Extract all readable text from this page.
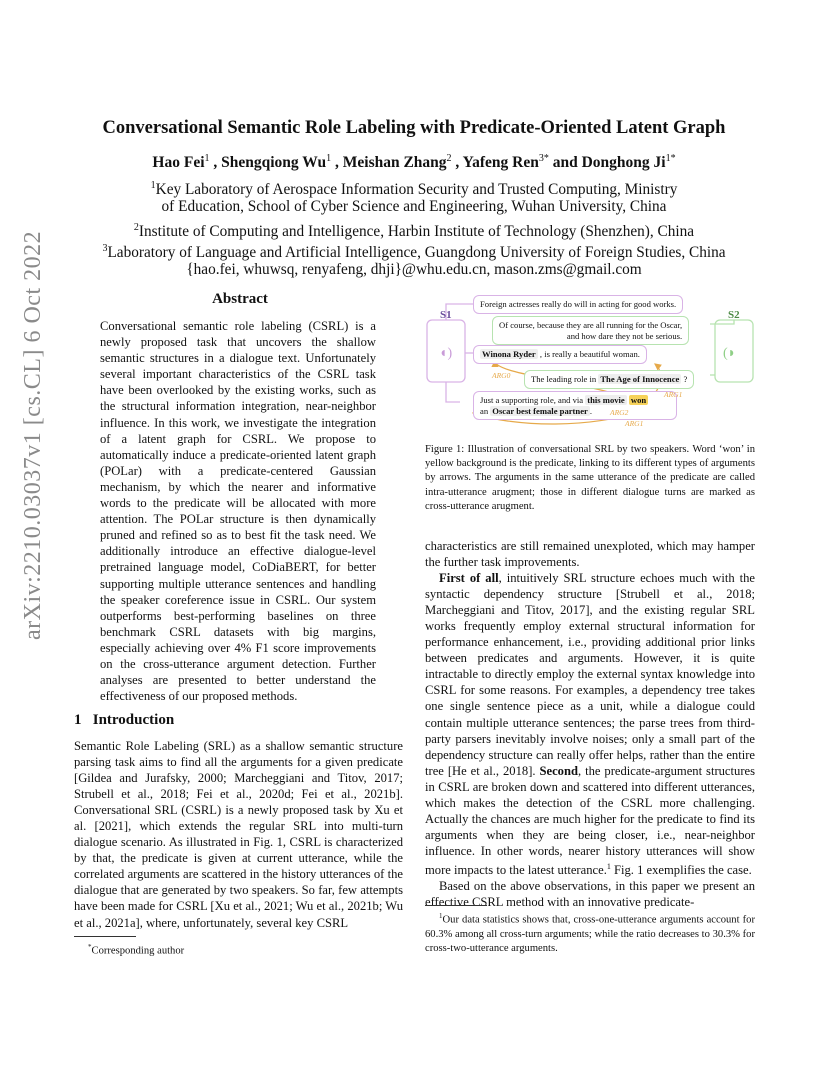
arXiv:2210.03037v1 [cs.CL] 6 Oct 2022
Conversational Semantic Role Labeling with Predicate-Oriented Latent Graph
Hao Fei$^1$ , Shengqiong Wu$^1$ , Meishan Zhang$^2$ , Yafeng Ren$^{3*}$ and Donghong $Ji^{1*}$
$^1$Key Laboratory of Aerospace Information Security and Trusted Computing, Ministry
of Education, School of Cyber Science and Engineering, Wuhan University, China
$^2$Institute of Computing and Intelligence, Harbin Institute of Technology (Shenzhen), China
$^3$Laboratory of Language and Artificial Intelligence, Guangdong University of Foreign Studies, China
{hao.fei, whuwsq, renyafeng, dhji}@whu.edu.cn, mason.zms@gmail.com
Abstract
Conversational semantic role labeling (CSRL) is a newly proposed task that uncovers the shallow semantic structures in a dialogue text. Unfortunately several important characteristics of the CSRL task have been overlooked by the existing works, such as the structural information integration, near-neighbor influence. In this work, we investigate the integration of a latent graph for CSRL. We propose to automatically induce a predicate-oriented latent graph (POLar) with a predicate-centered Gaussian mechanism, by which the nearer and informative words to the predicate will be allocated with more attention. The POLar structure is then dynamically pruned and refined so as to best fit the task need. We additionally introduce an effective dialogue-level pretrained language model, CoDiaBERT, for better supporting multiple utterance sentences and handling the speaker coreference issue in CSRL. Our system outperforms best-performing baselines on three benchmark CSRL datasets with big margins, especially achieving over 4% F1 score improvements on the cross-utterance argument detection. Further analyses are presented to better understand the effectiveness of our proposed methods.
1 Introduction

Semantic Role Labeling (SRL) as a shallow semantic structure parsing task aims to find all the arguments for a given predicate [Gildea and Jurafsky, 2000; Marcheggiani and Titov, 2017; Strubell et al., 2018; Fei et al., 2020d; Fei et al., 2021b]. Conversational SRL (CSRL) is a newly proposed task by Xu et al. [2021], which extends the regular SRL into multi-turn dialogue scenario. As illustrated in Fig. 1, CSRL is characterized by that, the predicate is given at current utterance, while the correlated arguments are scattered in the history utterances of the dialogue that are generated by two speakers. So far, few attempts have been made for CSRL [Xu et al., 2021; Wu et al., 2021b; Wu et al., 2021a], where, unfortunately, several key CSRL

*Corresponding author
◖)	(◗
S1	S2
Foreign actresses really do will in acting for good works.
Of course, because they are all running for the Oscar,
and how dare they not be serious.
Winona Ryder , is really a beautiful woman.
The leading role in The Age of Innocence ?
Just a supporting role, and via this movie won
an Oscar best female partner .
ARG0
ARG1
ARG2
ARG1
Figure 1: Illustration of conversational SRL by two speakers. Word ‘won’ in yellow background is the predicate, linking to its different types of arguments by arrows. The arguments in the same utterance of the predicate are called intra-utterance arugment; those in different dialogue turns are marked as cross-utterance arugment.

characteristics are still remained unexploted, which may hamper the further task improvements.

First of all, intuitively SRL structure echoes much with the syntactic dependency structure [Strubell et al., 2018; Marcheggiani and Titov, 2017], and the existing regular SRL works frequently employ external structural information for performance enhancement, i.e., providing additional prior links between predicates and arguments. However, it is quite intractable to directly employ the external syntax knowledge into CSRL for some reasons. For examples, a dependency tree takes one single sentence piece as a unit, while a dialogue could contain multiple utterance sentences; the parse trees from third-party parsers inevitably involve noises; only a small part of the dependency structure can really offer helps, rather than the entire tree [He et al., 2018]. Second, the predicate-argument structures in CSRL are broken down and scattered into different utterances, which makes the detection of the CSRL more challenging. Actually the chances are much higher for the predicate to find its arguments when they are being closer, i.e., near-neighbor influence. In other words, nearer history utterances will show more impacts to the latest utterance.$^1$ Fig. 1 exemplifies the case.

Based on the above observations, in this paper we present an effective CSRL method with an innovative predicate-

$^1$Our data statistics shows that, cross-one-utterance arguments account for 60.3% among all cross-turn arguments; while the ratio decreases to 30.3% for cross-two-utterance arguments.
